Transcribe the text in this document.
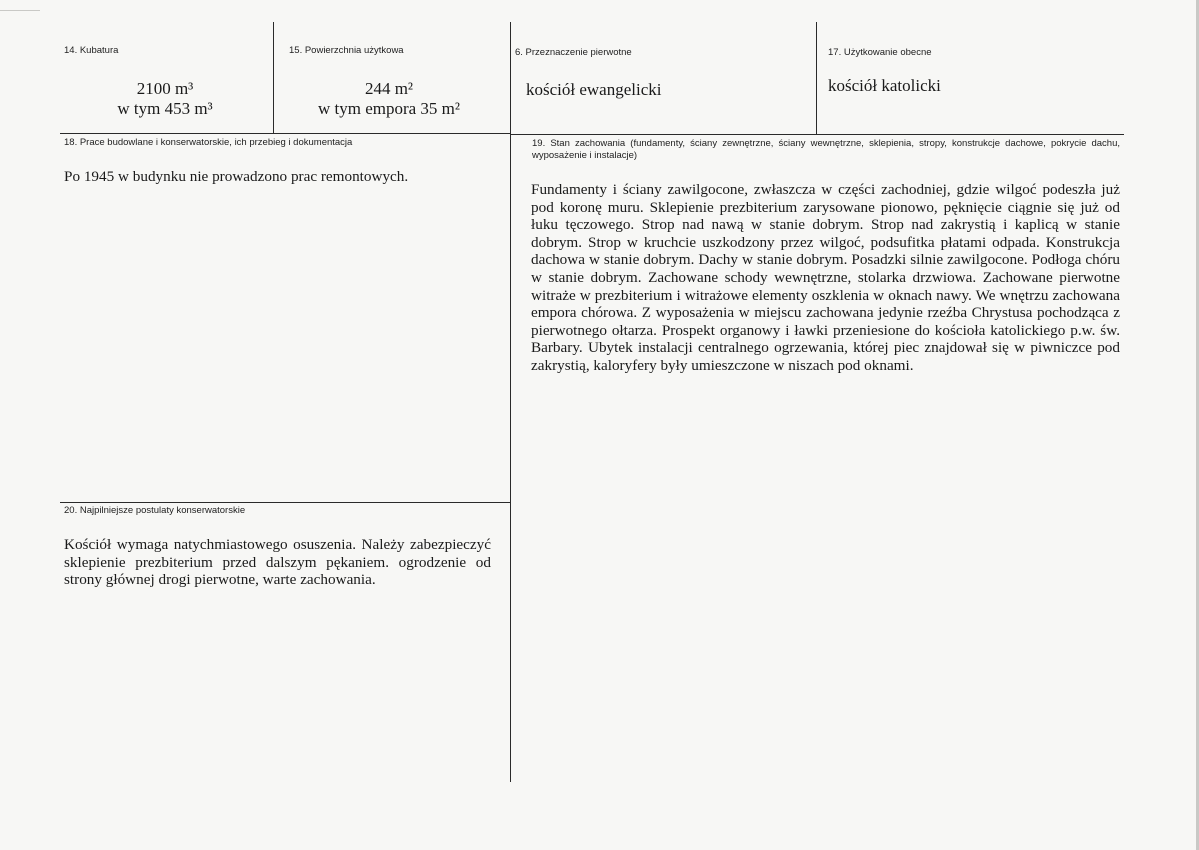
14. Kubatura
2100 m³
w tym 453 m³
15. Powierzchnia użytkowa
244 m²
w tym empora 35 m²
6. Przeznaczenie pierwotne
kościół ewangelicki
17. Użytkowanie obecne
kościół katolicki
18. Prace budowlane i konserwatorskie, ich przebieg i dokumentacja

Po 1945 w budynku nie prowadzono prac remontowych.

19. Stan zachowania (fundamenty, ściany zewnętrzne, ściany wewnętrzne, sklepienia, stropy, konstrukcje dachowe, pokrycie dachu, wyposażenie i instalacje)

Fundamenty i ściany zawilgocone, zwłaszcza w części zachodniej, gdzie wilgoć podeszła już pod koronę muru. Sklepienie prezbiterium zarysowane pionowo, pęknięcie ciągnie się już od łuku tęczowego. Strop nad nawą w stanie dobrym. Strop nad zakrystią i kaplicą w stanie dobrym. Strop w kruchcie uszkodzony przez wilgoć, podsufitka płatami odpada. Konstrukcja dachowa w stanie dobrym. Dachy w stanie dobrym. Posadzki silnie zawilgocone. Podłoga chóru w stanie dobrym. Zachowane schody wewnętrzne, stolarka drzwiowa. Zachowane pierwotne witraże w prezbiterium i witrażowe elementy oszklenia w oknach nawy. We wnętrzu zachowana empora chórowa. Z wyposażenia w miejscu zachowana jedynie rzeźba Chrystusa pochodząca z pierwotnego ołtarza. Prospekt organowy i ławki przeniesione do kościoła katolickiego p.w. św. Barbary. Ubytek instalacji centralnego ogrzewania, której piec znajdował się w piwniczce pod zakrystią, kaloryfery były umieszczone w niszach pod oknami.

20. Najpilniejsze postulaty konserwatorskie

Kościół wymaga natychmiastowego osuszenia. Należy zabezpieczyć sklepienie prezbiterium przed dalszym pękaniem. ogrodzenie od strony głównej drogi pierwotne, warte zachowania.
